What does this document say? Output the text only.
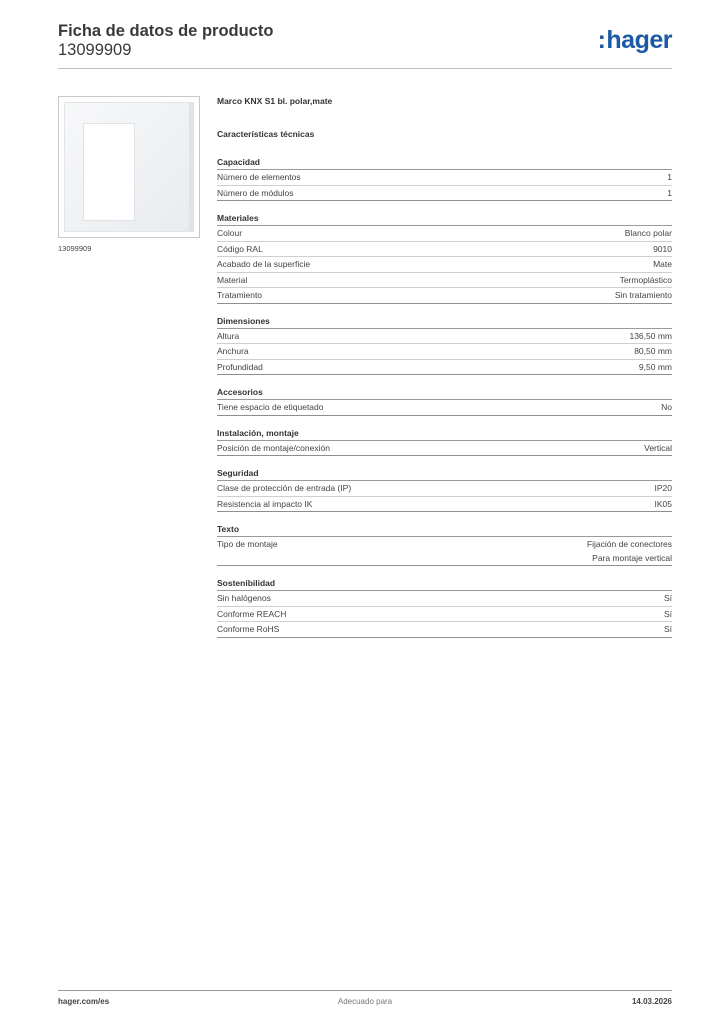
Ficha de datos de producto
13099909	:hager
13099909
Marco KNX S1 bl. polar,mate
Características técnicas
Capacidad
Número de elementos	1
Número de módulos	1
Materiales
Colour	Blanco polar
Código RAL	9010
Acabado de la superficie	Mate
Material	Termoplástico
Tratamiento	Sin tratamiento
Dimensiones
Altura	136,50 mm
Anchura	80,50 mm
Profundidad	9,50 mm
Accesorios
Tiene espacio de etiquetado	No
Instalación, montaje
Posición de montaje/conexión	Vertical
Seguridad
Clase de protección de entrada (IP)	IP20
Resistencia al impacto IK	IK05
Texto
Tipo de montaje	Fijación de conectores
Para montaje vertical
Sostenibilidad
Sin halógenos	Sí
Conforme REACH	Sí
Conforme RoHS	Sí
hager.com/es	Adecuado para	14.03.2026
